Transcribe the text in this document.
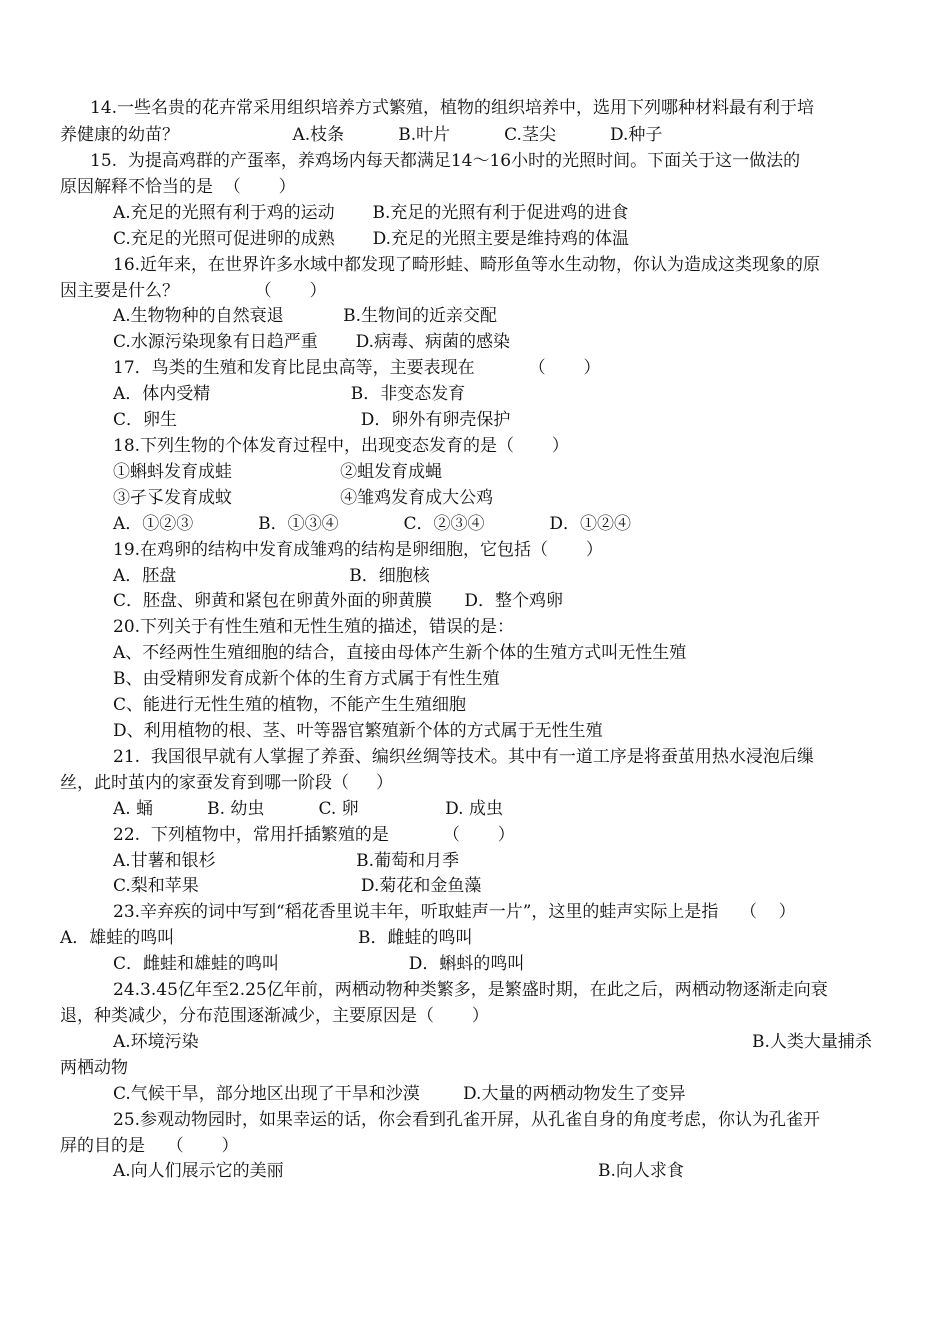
14.一些名贵的花卉常采用组织培养方式繁殖，植物的组织培养中，选用下列哪种材料最有利于培
养健康的幼苗？                     A.枝条          B.叶片          C.茎尖          D.种子
15.  为提高鸡群的产蛋率，养鸡场内每天都满足14～16小时的光照时间。下面关于这一做法的
原因解释不恰当的是  （       ）
A.充足的光照有利于鸡的运动       B.充足的光照有利于促进鸡的进食
C.充足的光照可促进卵的成熟       D.充足的光照主要是维持鸡的体温
16.近年来，在世界许多水域中都发现了畸形蛙、畸形鱼等水生动物，你认为造成这类现象的原
因主要是什么？              （       ）
A.生物物种的自然衰退           B.生物间的近亲交配
C.水源污染现象有日趋严重       D.病毒、病菌的感染
17．鸟类的生殖和发育比昆虫高等，主要表现在          （       ）
A．体内受精                          B．非变态发育
C．卵生                                  D．卵外有卵壳保护
18.下列生物的个体发育过程中，出现变态发育的是（       ）
①蝌蚪发育成蛙                    ②蛆发育成蝇
③孑孓发育成蚊                    ④雏鸡发育成大公鸡
A．①②③            B．①③④            C．②③④            D．①②④
19.在鸡卵的结构中发育成雏鸡的结构是卵细胞，它包括（       ）
A．胚盘                                B．细胞核
C．胚盘、卵黄和紧包在卵黄外面的卵黄膜      D．整个鸡卵
20.下列关于有性生殖和无性生殖的描述，错误的是：
A、不经两性生殖细胞的结合，直接由母体产生新个体的生殖方式叫无性生殖
B、由受精卵发育成新个体的生育方式属于有性生殖
C、能进行无性生殖的植物，不能产生生殖细胞
D、利用植物的根、茎、叶等器官繁殖新个体的方式属于无性生殖
21.  我国很早就有人掌握了养蚕、编织丝绸等技术。其中有一道工序是将蚕茧用热水浸泡后缫
丝，此时茧内的家蚕发育到哪一阶段（     ）
A. 蛹          B. 幼虫          C. 卵                D. 成虫
22.  下列植物中，常用扦插繁殖的是          （       ）
A.甘薯和银杉                          B.葡萄和月季
C.梨和苹果                              D.菊花和金鱼藻
23.辛弃疾的词中写到“稻花香里说丰年，听取蛙声一片”，这里的蛙声实际上是指    （    ）
A．雄蛙的鸣叫                                  B．雌蛙的鸣叫
C．雌蛙和雄蛙的鸣叫                        D．蝌蚪的鸣叫
24.3.45亿年至2.25亿年前，两栖动物种类繁多，是繁盛时期，在此之后，两栖动物逐渐走向衰
退，种类减少，分布范围逐渐减少，主要原因是（       ）
A.环境污染	B.人类大量捕杀
两栖动物
C.气候干旱，部分地区出现了干旱和沙漠        D.大量的两栖动物发生了变异
25.参观动物园时，如果幸运的话，你会看到孔雀开屏，从孔雀自身的角度考虑，你认为孔雀开
屏的目的是    （       ）
A.向人们展示它的美丽	B.向人求食
